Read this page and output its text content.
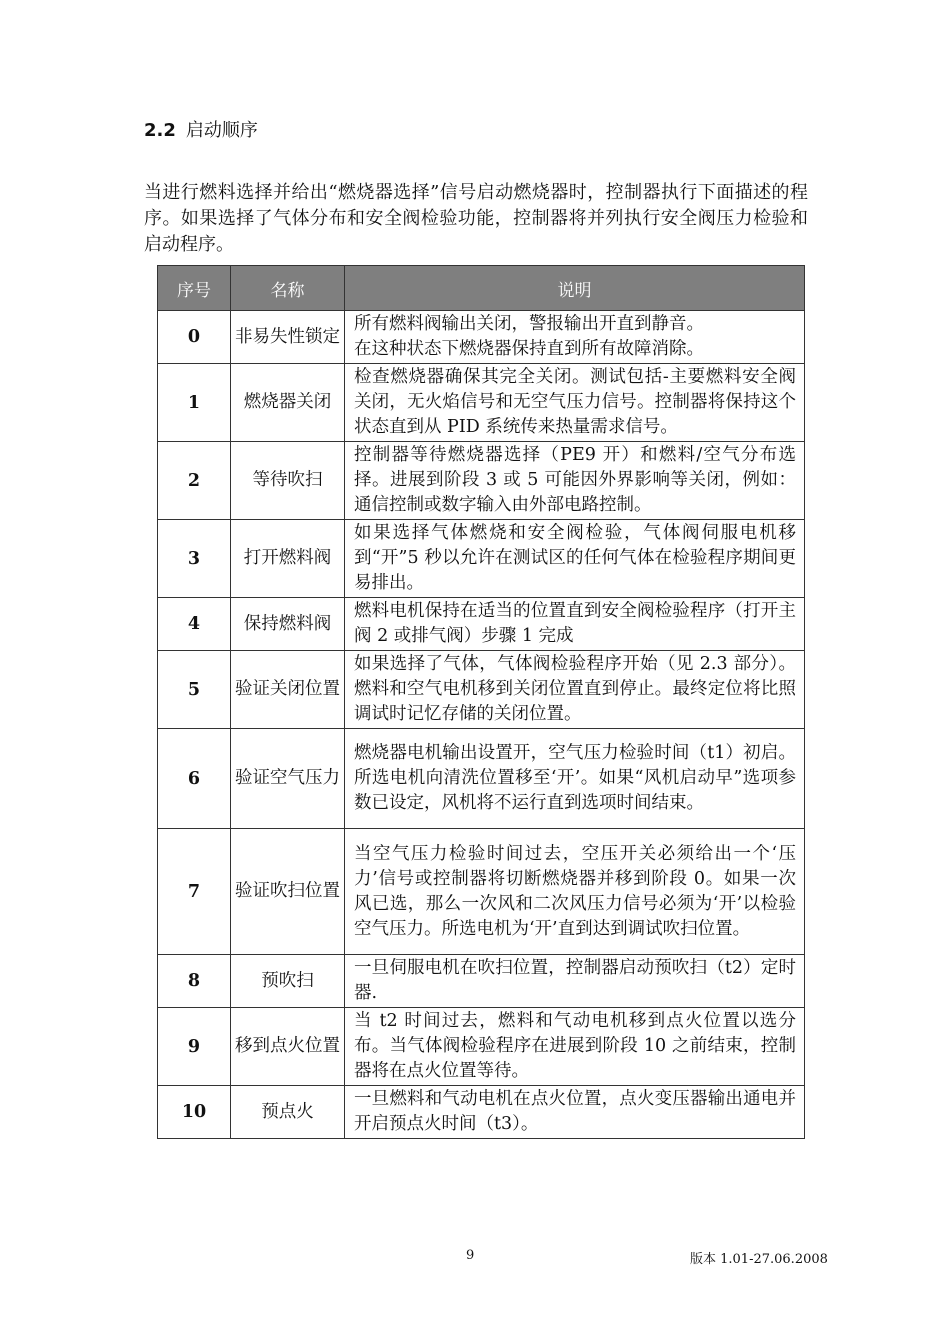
2.2 启动顺序

当进行燃料选择并给出“燃烧器选择”信号启动燃烧器时，控制器执行下面描述的程序。如果选择了气体分布和安全阀检验功能，控制器将并列执行安全阀压力检验和启动程序。

序号	名称	说明
0	非易失性锁定	所有燃料阀输出关闭，警报输出开直到静音。
在这种状态下燃烧器保持直到所有故障消除。
1	燃烧器关闭	检查燃烧器确保其完全关闭。测试包括-主要燃料安全阀关闭，无火焰信号和无空气压力信号。控制器将保持这个状态直到从 PID 系统传来热量需求信号。
2	等待吹扫	控制器等待燃烧器选择（PE9 开）和燃料/空气分布选择。进展到阶段 3 或 5 可能因外界影响等关闭，例如：通信控制或数字输入由外部电路控制。
3	打开燃料阀	如果选择气体燃烧和安全阀检验，气体阀伺服电机移到“开”5 秒以允许在测试区的任何气体在检验程序期间更易排出。
4	保持燃料阀	燃料电机保持在适当的位置直到安全阀检验程序（打开主阀 2 或排气阀）步骤 1 完成
5	验证关闭位置	如果选择了气体，气体阀检验程序开始（见 2.3 部分）。燃料和空气电机移到关闭位置直到停止。最终定位将比照调试时记忆存储的关闭位置。
6	验证空气压力	燃烧器电机输出设置开，空气压力检验时间（t1）初启。所选电机向清洗位置移至‘开’。如果“风机启动早”选项参数已设定，风机将不运行直到选项时间结束。
7	验证吹扫位置	当空气压力检验时间过去，空压开关必须给出一个‘压力’信号或控制器将切断燃烧器并移到阶段 0。如果一次风已选，那么一次风和二次风压力信号必须为‘开’以检验空气压力。所选电机为‘开’直到达到调试吹扫位置。
8	预吹扫	一旦伺服电机在吹扫位置，控制器启动预吹扫（t2）定时器.
9	移到点火位置	当 t2 时间过去，燃料和气动电机移到点火位置以选分布。当气体阀检验程序在进展到阶段 10 之前结束，控制器将在点火位置等待。
10	预点火	一旦燃料和气动电机在点火位置，点火变压器输出通电并开启预点火时间（t3）。
9	版本 1.01-27.06.2008
